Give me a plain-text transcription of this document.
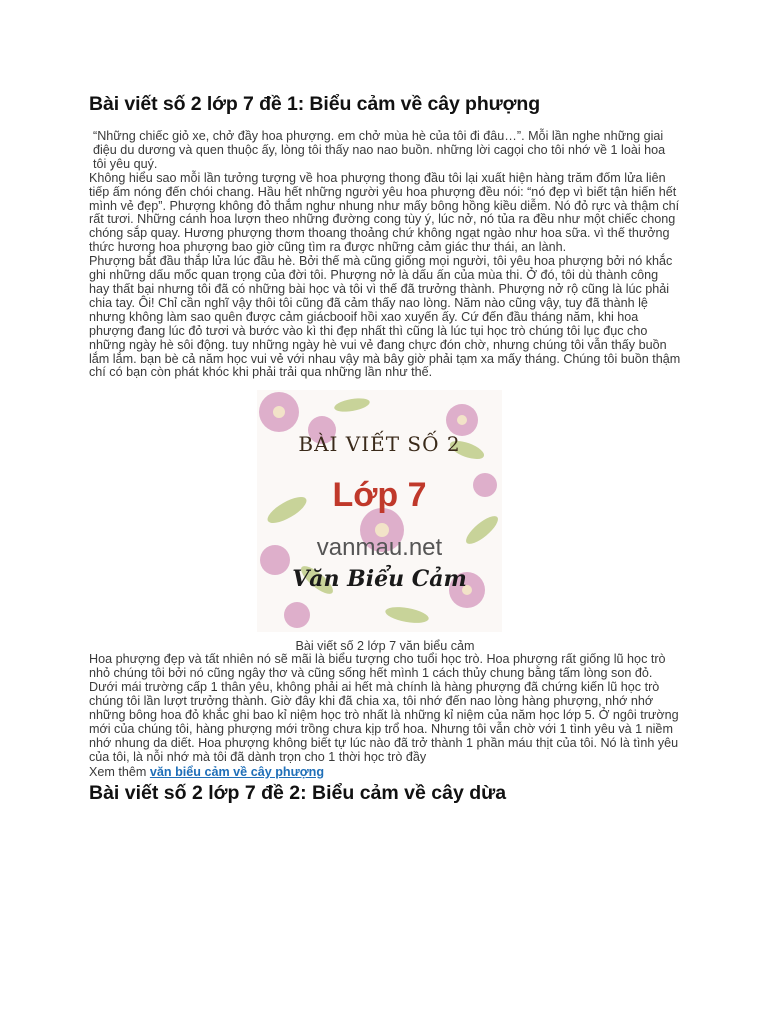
Bài viết số 2 lớp 7 đề 1: Biểu cảm về cây phượng

“Những chiếc giỏ xe, chở đầy hoa phượng. em chở mùa hè của tôi đi đâu…”. Mỗi lần nghe những giai điệu du dương và quen thuộc ấy, lòng tôi thấy nao nao buồn. những lời cagọi cho tôi nhớ về 1 loài hoa tôi yêu quý.

Không hiểu sao mỗi lần tưởng tượng về hoa phượng thong đầu tôi lại xuất hiện hàng trăm đốm lửa liên tiếp ấm nóng đến chói chang. Hầu hết những người yêu hoa phượng đều nói: “nó đẹp vì biết tận hiến hết mình vẻ đẹp”. Phượng không đỏ thắm nghư nhung như mấy bông hồng kiều diễm. Nó đỏ rực và thậm chí rất tươi. Những cánh hoa lượn theo những đường cong tùy ý, lúc nở, nó tủa ra đều như một chiếc chong chóng sắp quay. Hương phượng thơm thoang thoảng chứ không ngạt ngào như hoa sữa. vì thế thưởng thức hương hoa phượng bao giờ cũng tìm ra được những cảm giác thư thái, an lành.

Phượng bắt đầu thắp lửa lúc đầu hè. Bởi thế mà cũng giống mọi người, tôi yêu hoa phượng bởi nó khắc ghi những dấu mốc quan trọng của đời tôi. Phượng nở là dấu ấn của mùa thi. Ở đó, tôi dù thành công hay thất bại nhưng tôi đã có những bài học và tôi vì thế đã trưởng thành. Phượng nở rộ cũng là lúc phải chia tay. Ôi! Chỉ cần nghĩ vậy thôi tôi cũng đã cảm thấy nao lòng. Năm nào cũng vậy, tuy đã thành lệ nhưng không làm sao quên được cảm giácbooif hồi xao xuyến ấy. Cứ đến đầu tháng năm, khi hoa phượng đang lúc đỏ tươi và bước vào kì thi đẹp nhất thì cũng là lúc tụi học trò chúng tôi lục đục cho những ngày hè sôi động. tuy những ngày hè vui vẻ đang chực đón chờ, nhưng chúng tôi vẫn thấy buồn lắm lắm. bạn bè cả năm học vui vẻ với nhau vậy mà bây giờ phải tạm xa mấy tháng. Chúng tôi buồn thậm chí có bạn còn phát khóc khi phải trải qua những lần như thế.

BÀI VIẾT SỐ 2
Lớp 7
vanmau.net
Văn Biểu Cảm
Bài viết số 2 lớp 7 văn biểu cảm

Hoa phượng đẹp và tất nhiên nó sẽ mãi là biểu tượng cho tuổi học trò. Hoa phượng rất giống lũ học trò nhỏ chúng tôi bởi nó cũng ngây thơ và cũng sống hết mình 1 cách thủy chung bằng tấm lòng son đỏ. Dưới mái trường cấp 1 thân yêu, không phải ai hết mà chính là hàng phượng đã chứng kiến lũ học trò chúng tôi lần lượt trưởng thành. Giờ đây khi đã chia xa, tôi nhớ đến nao lòng hàng phượng, nhớ nhớ những bông hoa đỏ khắc ghi bao kỉ niệm học trò nhất là những kỉ niệm của năm học lớp 5. Ở ngôi trường mới của chúng tôi, hàng phượng mới trồng chưa kịp trổ hoa. Nhưng tôi vẫn chờ với 1 tình yêu và 1 niềm nhớ nhung da diết. Hoa phượng không biết tự lúc nào đã trở thành 1 phần máu thịt của tôi. Nó là tình yêu của tôi, là nỗi nhớ mà tôi đã dành trọn cho 1 thời học trò đầy

Xem thêm văn biểu cảm về cây phượng
Bài viết số 2 lớp 7 đề 2: Biểu cảm về cây dừa
